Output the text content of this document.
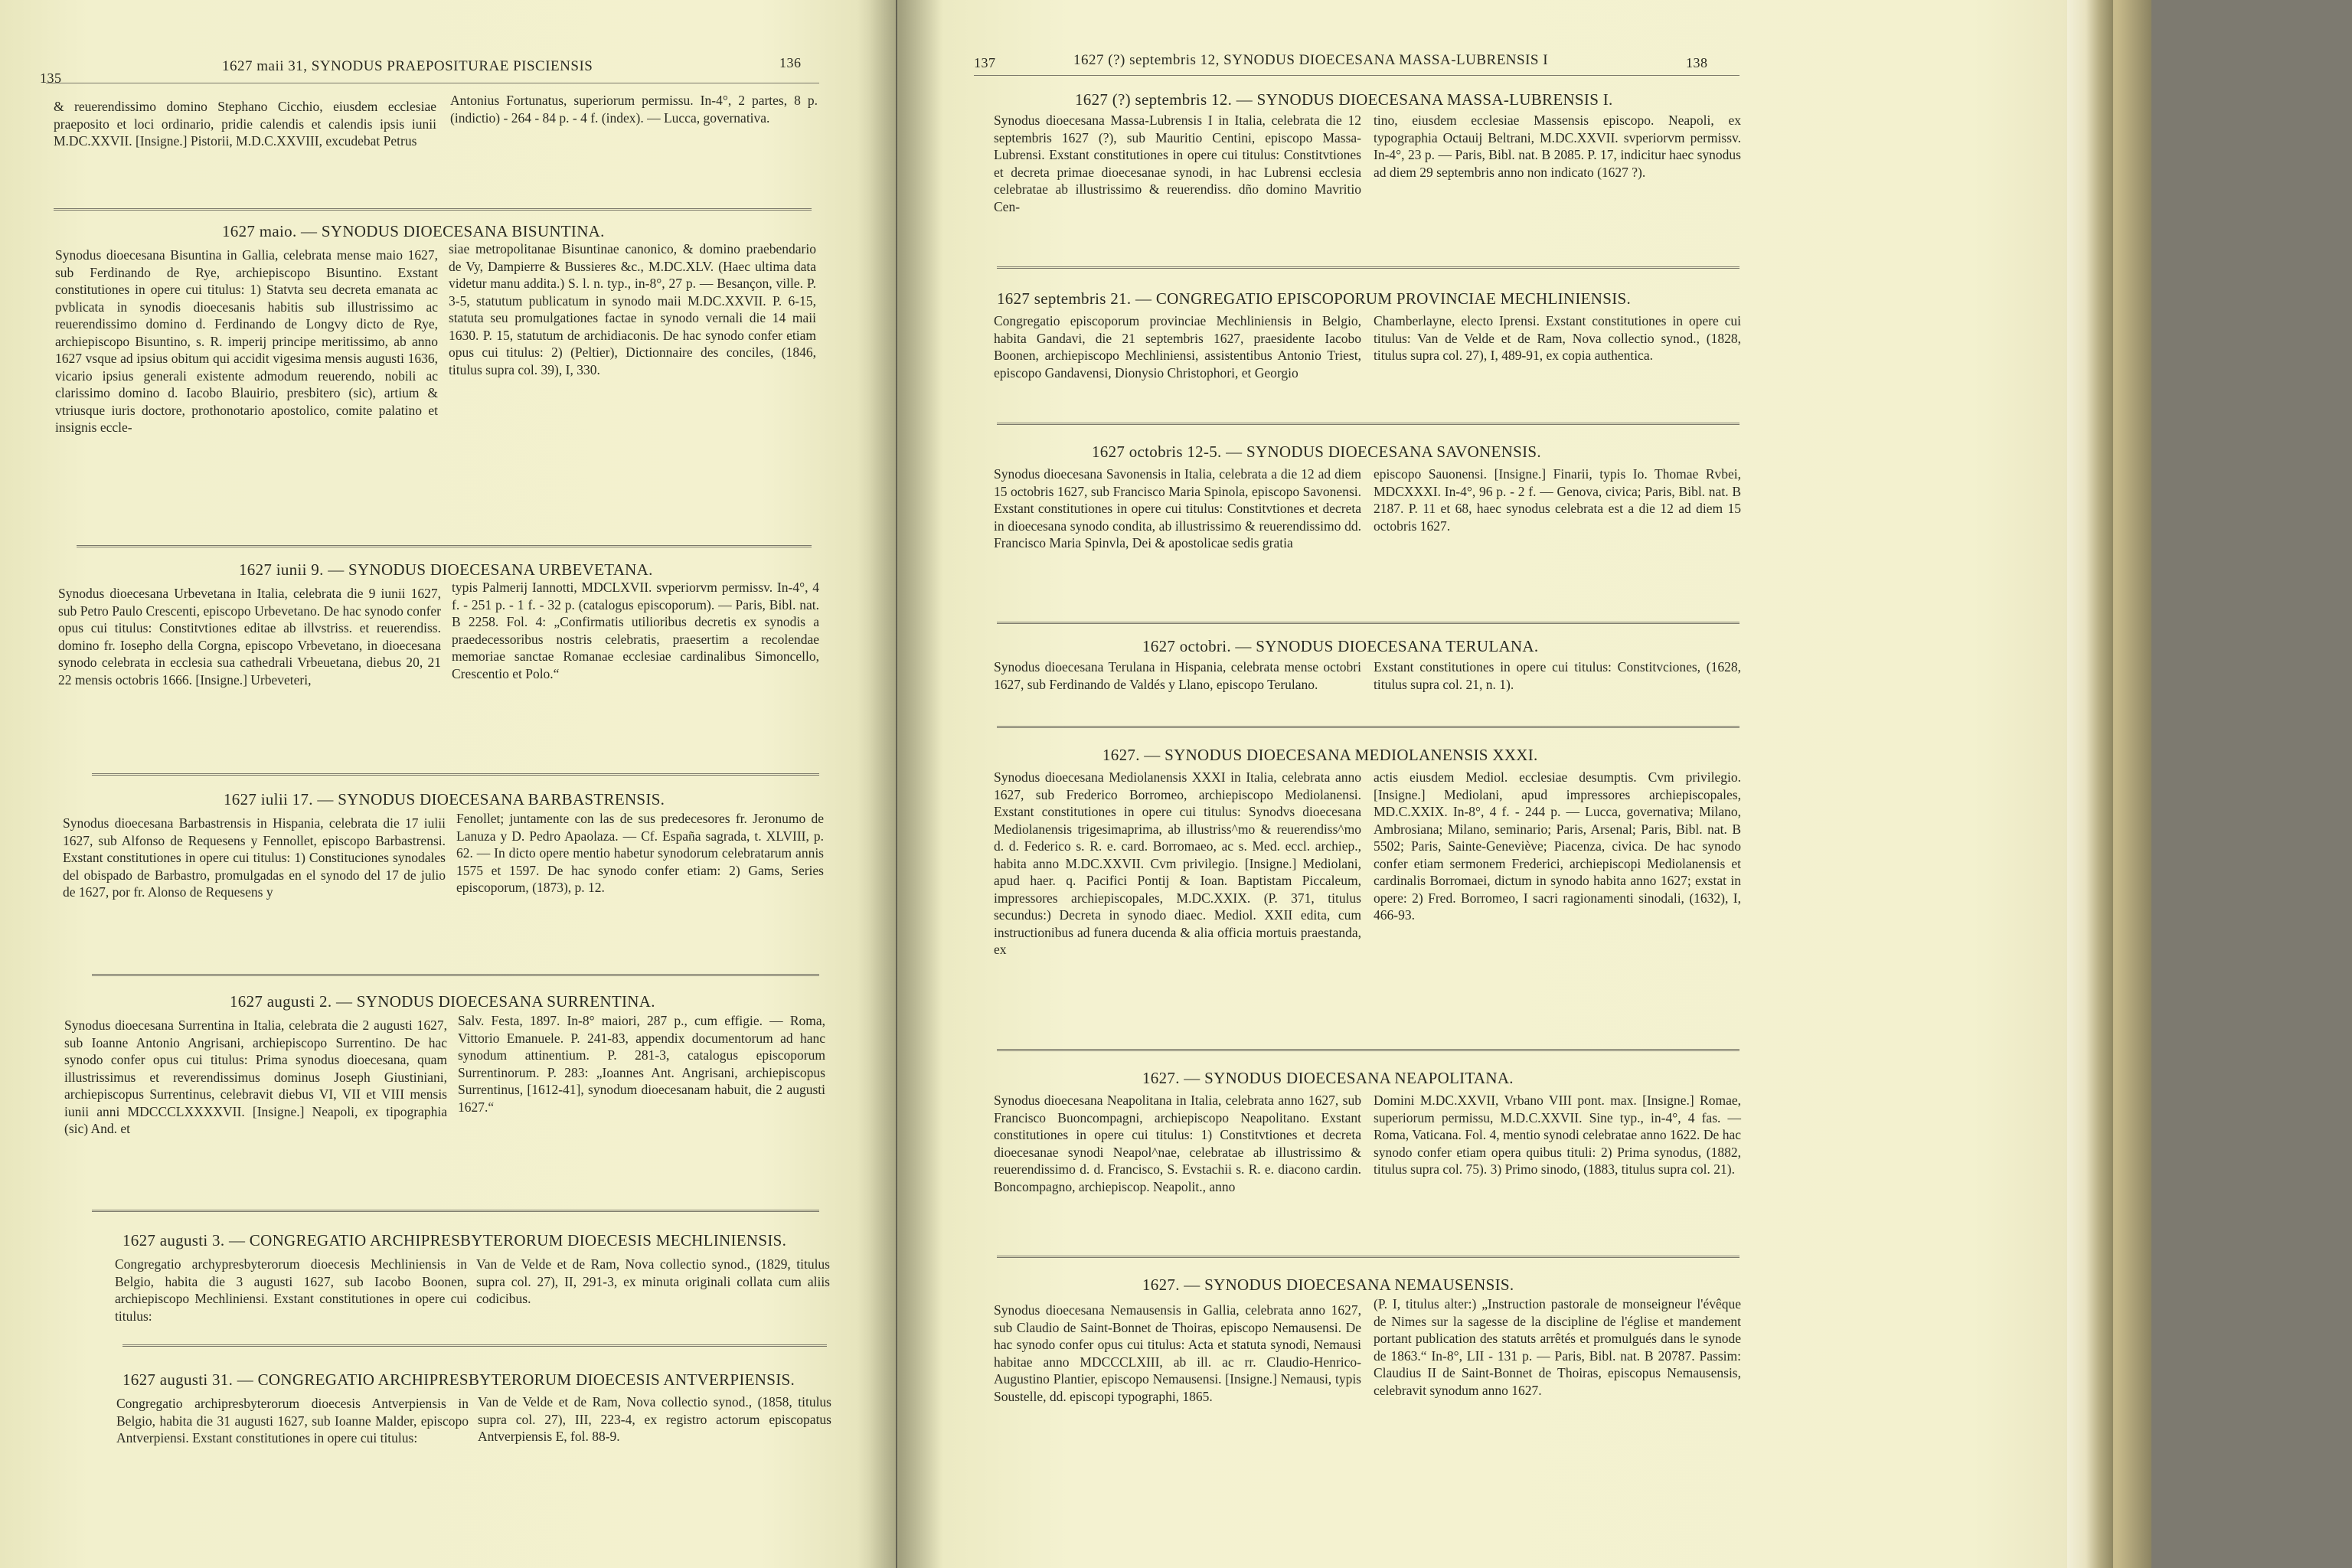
135
1627 maii 31, SYNODUS PRAEPOSITURAE PISCIENSIS	136
& reuerendissimo domino Stephano Cicchio, eiusdem ecclesiae praeposito et loci ordinario, pridie calendis et calendis ipsis iunii M.DC.XXVII. [Insigne.] Pistorii, M.D.C.XXVIII, excudebat Petrus
Antonius Fortunatus, superiorum permissu. In-4°, 2 partes, 8 p. (indictio) - 264 - 84 p. - 4 f. (index). — Lucca, governativa.
1627 maio. — SYNODUS DIOECESANA BISUNTINA.
Synodus dioecesana Bisuntina in Gallia, celebrata mense maio 1627, sub Ferdinando de Rye, archiepiscopo Bisuntino. Exstant constitutiones in opere cui titulus: 1) Statvta seu decreta emanata ac pvblicata in synodis dioecesanis habitis sub illustrissimo ac reuerendissimo domino d. Ferdinando de Longvy dicto de Rye, archiepiscopo Bisuntino, s. R. imperij principe meritissimo, ab anno 1627 vsque ad ipsius obitum qui accidit vigesima mensis augusti 1636, vicario ipsius generali existente admodum reuerendo, nobili ac clarissimo domino d. Iacobo Blauirio, presbitero (sic), artium & vtriusque iuris doctore, prothonotario apostolico, comite palatino et insignis eccle-
siae metropolitanae Bisuntinae canonico, & domino praebendario de Vy, Dampierre & Bussieres &c., M.DC.XLV. (Haec ultima data videtur manu addita.) S. l. n. typ., in-8°, 27 p. — Besançon, ville. P. 3-5, statutum publicatum in synodo maii M.DC.XXVII. P. 6-15, statuta seu promulgationes factae in synodo vernali die 14 maii 1630. P. 15, statutum de archidiaconis. De hac synodo confer etiam opus cui titulus: 2) (Peltier), Dictionnaire des conciles, (1846, titulus supra col. 39), I, 330.
1627 iunii 9. — SYNODUS DIOECESANA URBEVETANA.
Synodus dioecesana Urbevetana in Italia, celebrata die 9 iunii 1627, sub Petro Paulo Crescenti, episcopo Urbevetano. De hac synodo confer opus cui titulus: Constitvtiones editae ab illvstriss. et reuerendiss. domino fr. Iosepho della Corgna, episcopo Vrbevetano, in dioecesana synodo celebrata in ecclesia sua cathedrali Vrbeuetana, diebus 20, 21 22 mensis octobris 1666. [Insigne.] Urbeveteri,
typis Palmerij Iannotti, MDCLXVII. svperiorvm permissv. In-4°, 4 f. - 251 p. - 1 f. - 32 p. (catalogus episcoporum). — Paris, Bibl. nat. B 2258. Fol. 4: „Confirmatis utilioribus decretis ex synodis a praedecessoribus nostris celebratis, praesertim a recolendae memoriae sanctae Romanae ecclesiae cardinalibus Simoncello, Crescentio et Polo.“
1627 iulii 17. — SYNODUS DIOECESANA BARBASTRENSIS.
Synodus dioecesana Barbastrensis in Hispania, celebrata die 17 iulii 1627, sub Alfonso de Requesens y Fennollet, episcopo Barbastrensi. Exstant constitutiones in opere cui titulus: 1) Constituciones synodales del obispado de Barbastro, promulgadas en el synodo del 17 de julio de 1627, por fr. Alonso de Requesens y
Fenollet; juntamente con las de sus predecesores fr. Jeronumo de Lanuza y D. Pedro Apaolaza. — Cf. España sagrada, t. XLVIII, p. 62. — In dicto opere mentio habetur synodorum celebratarum annis 1575 et 1597. De hac synodo confer etiam: 2) Gams, Series episcoporum, (1873), p. 12.
1627 augusti 2. — SYNODUS DIOECESANA SURRENTINA.
Synodus dioecesana Surrentina in Italia, celebrata die 2 augusti 1627, sub Ioanne Antonio Angrisani, archiepiscopo Surrentino. De hac synodo confer opus cui titulus: Prima synodus dioecesana, quam illustrissimus et reverendissimus dominus Joseph Giustiniani, archiepiscopus Surrentinus, celebravit diebus VI, VII et VIII mensis iunii anni MDCCCLXXXXVII. [Insigne.] Neapoli, ex tipographia (sic) And. et
Salv. Festa, 1897. In-8° maiori, 287 p., cum effigie. — Roma, Vittorio Emanuele. P. 241-83, appendix documentorum ad hanc synodum attinentium. P. 281-3, catalogus episcoporum Surrentinorum. P. 283: „Ioannes Ant. Angrisani, archiepiscopus Surrentinus, [1612-41], synodum dioecesanam habuit, die 2 augusti 1627.“
1627 augusti 3. — CONGREGATIO ARCHIPRESBYTERORUM DIOECESIS MECHLINIENSIS.
Congregatio archypresbyterorum dioecesis Mechliniensis in Belgio, habita die 3 augusti 1627, sub Iacobo Boonen, archiepiscopo Mechliniensi. Exstant constitutiones in opere cui titulus:
Van de Velde et de Ram, Nova collectio synod., (1829, titulus supra col. 27), II, 291-3, ex minuta originali collata cum aliis codicibus.
1627 augusti 31. — CONGREGATIO ARCHIPRESBYTERORUM DIOECESIS ANTVERPIENSIS.
Congregatio archipresbyterorum dioecesis Antverpiensis in Belgio, habita die 31 augusti 1627, sub Ioanne Malder, episcopo Antverpiensi. Exstant constitutiones in opere cui titulus:
Van de Velde et de Ram, Nova collectio synod., (1858, titulus supra col. 27), III, 223-4, ex registro actorum episcopatus Antverpiensis E, fol. 88-9.
137	1627 (?) septembris 12, SYNODUS DIOECESANA MASSA-LUBRENSIS I	138
1627 (?) septembris 12. — SYNODUS DIOECESANA MASSA-LUBRENSIS I.
Synodus dioecesana Massa-Lubrensis I in Italia, celebrata die 12 septembris 1627 (?), sub Mauritio Centini, episcopo Massa-Lubrensi. Exstant constitutiones in opere cui titulus: Constitvtiones et decreta primae dioecesanae synodi, in hac Lubrensi ecclesia celebratae ab illustrissimo & reuerendiss. dño domino Mavritio Cen-
tino, eiusdem ecclesiae Massensis episcopo. Neapoli, ex typographia Octauij Beltrani, M.DC.XXVII. svperiorvm permissv. In-4°, 23 p. — Paris, Bibl. nat. B 2085. P. 17, indicitur haec synodus ad diem 29 septembris anno non indicato (1627 ?).
1627 septembris 21. — CONGREGATIO EPISCOPORUM PROVINCIAE MECHLINIENSIS.
Congregatio episcoporum provinciae Mechliniensis in Belgio, habita Gandavi, die 21 septembris 1627, praesidente Iacobo Boonen, archiepiscopo Mechliniensi, assistentibus Antonio Triest, episcopo Gandavensi, Dionysio Christophori, et Georgio
Chamberlayne, electo Iprensi. Exstant constitutiones in opere cui titulus: Van de Velde et de Ram, Nova collectio synod., (1828, titulus supra col. 27), I, 489-91, ex copia authentica.
1627 octobris 12-5. — SYNODUS DIOECESANA SAVONENSIS.
Synodus dioecesana Savonensis in Italia, celebrata a die 12 ad diem 15 octobris 1627, sub Francisco Maria Spinola, episcopo Savonensi. Exstant constitutiones in opere cui titulus: Constitvtiones et decreta in dioecesana synodo condita, ab illustrissimo & reuerendissimo dd. Francisco Maria Spinvla, Dei & apostolicae sedis gratia
episcopo Sauonensi. [Insigne.] Finarii, typis Io. Thomae Rvbei, MDCXXXI. In-4°, 96 p. - 2 f. — Genova, civica; Paris, Bibl. nat. B 2187. P. 11 et 68, haec synodus celebrata est a die 12 ad diem 15 octobris 1627.
1627 octobri. — SYNODUS DIOECESANA TERULANA.
Synodus dioecesana Terulana in Hispania, celebrata mense octobri 1627, sub Ferdinando de Valdés y Llano, episcopo Terulano.
Exstant constitutiones in opere cui titulus: Constitvciones, (1628, titulus supra col. 21, n. 1).
1627. — SYNODUS DIOECESANA MEDIOLANENSIS XXXI.
Synodus dioecesana Mediolanensis XXXI in Italia, celebrata anno 1627, sub Frederico Borromeo, archiepiscopo Mediolanensi. Exstant constitutiones in opere cui titulus: Synodvs dioecesana Mediolanensis trigesimaprima, ab illustriss^mo & reuerendiss^mo d. d. Federico s. R. e. card. Borromaeo, ac s. Med. eccl. archiep., habita anno M.DC.XXVII. Cvm privilegio. [Insigne.] Mediolani, apud haer. q. Pacifici Pontij & Ioan. Baptistam Piccaleum, impressores archiepiscopales, M.DC.XXIX. (P. 371, titulus secundus:) Decreta in synodo diaec. Mediol. XXII edita, cum instructionibus ad funera ducenda & alia officia mortuis praestanda, ex
actis eiusdem Mediol. ecclesiae desumptis. Cvm privilegio. [Insigne.] Mediolani, apud impressores archiepiscopales, MD.C.XXIX. In-8°, 4 f. - 244 p. — Lucca, governativa; Milano, Ambrosiana; Milano, seminario; Paris, Arsenal; Paris, Bibl. nat. B 5502; Paris, Sainte-Geneviève; Piacenza, civica. De hac synodo confer etiam sermonem Frederici, archiepiscopi Mediolanensis et cardinalis Borromaei, dictum in synodo habita anno 1627; exstat in opere: 2) Fred. Borromeo, I sacri ragionamenti sinodali, (1632), I, 466-93.
1627. — SYNODUS DIOECESANA NEAPOLITANA.
Synodus dioecesana Neapolitana in Italia, celebrata anno 1627, sub Francisco Buoncompagni, archiepiscopo Neapolitano. Exstant constitutiones in opere cui titulus: 1) Constitvtiones et decreta dioecesanae synodi Neapol^nae, celebratae ab illustrissimo & reuerendissimo d. d. Francisco, S. Evstachii s. R. e. diacono cardin. Boncompagno, archiepiscop. Neapolit., anno
Domini M.DC.XXVII, Vrbano VIII pont. max. [Insigne.] Romae, superiorum permissu, M.D.C.XXVII. Sine typ., in-4°, 4 fas. — Roma, Vaticana. Fol. 4, mentio synodi celebratae anno 1622. De hac synodo confer etiam opera quibus tituli: 2) Prima synodus, (1882, titulus supra col. 75). 3) Primo sinodo, (1883, titulus supra col. 21).
1627. — SYNODUS DIOECESANA NEMAUSENSIS.
Synodus dioecesana Nemausensis in Gallia, celebrata anno 1627, sub Claudio de Saint-Bonnet de Thoiras, episcopo Nemausensi. De hac synodo confer opus cui titulus: Acta et statuta synodi, Nemausi habitae anno MDCCCLXIII, ab ill. ac rr. Claudio-Henrico-Augustino Plantier, episcopo Nemausensi. [Insigne.] Nemausi, typis Soustelle, dd. episcopi typographi, 1865.
(P. I, titulus alter:) „Instruction pastorale de monseigneur l'évêque de Nimes sur la sagesse de la discipline de l'église et mandement portant publication des statuts arrêtés et promulgués dans le synode de 1863.“ In-8°, LII - 131 p. — Paris, Bibl. nat. B 20787. Passim: Claudius II de Saint-Bonnet de Thoiras, episcopus Nemausensis, celebravit synodum anno 1627.
